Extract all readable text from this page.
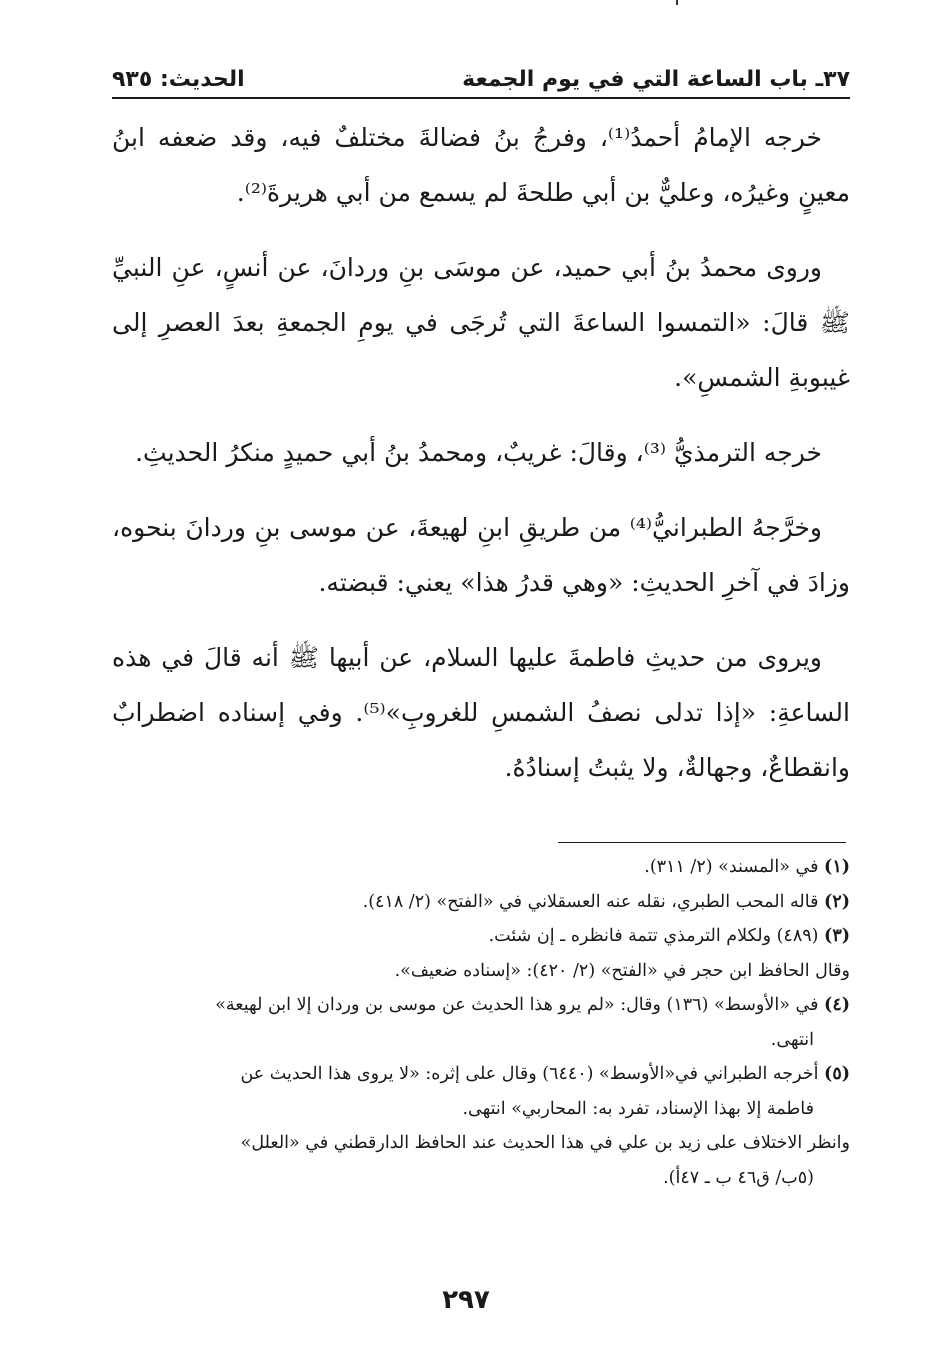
٣٧ـ باب الساعة التي في يوم الجمعة
الحديث: ٩٣٥

خرجه الإمامُ أحمدُ⁽¹⁾، وفرجُ بنُ فضالةَ مختلفٌ فيه، وقد ضعفه ابنُ معينٍ وغيرُه، وعليٌّ بن أبي طلحةَ لم يسمع من أبي هريرةَ⁽²⁾.

وروى محمدُ بنُ أبي حميد، عن موسَى بنِ وردانَ، عن أنسٍ، عنِ النبيِّ ﷺ قالَ: «التمسوا الساعةَ التي تُرجَى في يومِ الجمعةِ بعدَ العصرِ إلى غيبوبةِ الشمسِ».

خرجه الترمذيُّ ⁽³⁾، وقالَ: غريبٌ، ومحمدُ بنُ أبي حميدٍ منكرُ الحديثِ.

وخرَّجهُ الطبرانيُّ⁽⁴⁾ من طريقِ ابنِ لهيعةَ، عن موسى بنِ وردانَ بنحوه، وزادَ في آخرِ الحديثِ: «وهي قدرُ هذا» يعني: قبضته.

ويروى من حديثِ فاطمةَ عليها السلام، عن أبيها ﷺ أنه قالَ في هذه الساعةِ: «إذا تدلى نصفُ الشمسِ للغروبِ»⁽⁵⁾. وفي إسناده اضطرابٌ وانقطاعٌ، وجهالةٌ، ولا يثبتُ إسنادُهُ.

(١) في «المسند» (٢/ ٣١١).

(٢) قاله المحب الطبري، نقله عنه العسقلاني في «الفتح» (٢/ ٤١٨).

(٣) (٤٨٩) ولكلام الترمذي تتمة فانظره ـ إن شئت.

وقال الحافظ ابن حجر في «الفتح» (٢/ ٤٢٠): «إسناده ضعيف».

(٤) في «الأوسط» (١٣٦) وقال: «لم يرو هذا الحديث عن موسى بن وردان إلا ابن لهيعة»

انتهى.

(٥) أخرجه الطبراني في«الأوسط» (٦٤٤٠) وقال على إثره: «لا يروى هذا الحديث عن

فاطمة إلا بهذا الإسناد، تفرد به: المحاربي» انتهى.

وانظر الاختلاف على زيد بن علي في هذا الحديث عند الحافظ الدارقطني في «العلل»

(٥ب/ ق٤٦ ب ـ ٤٧أ).

٢٩٧
